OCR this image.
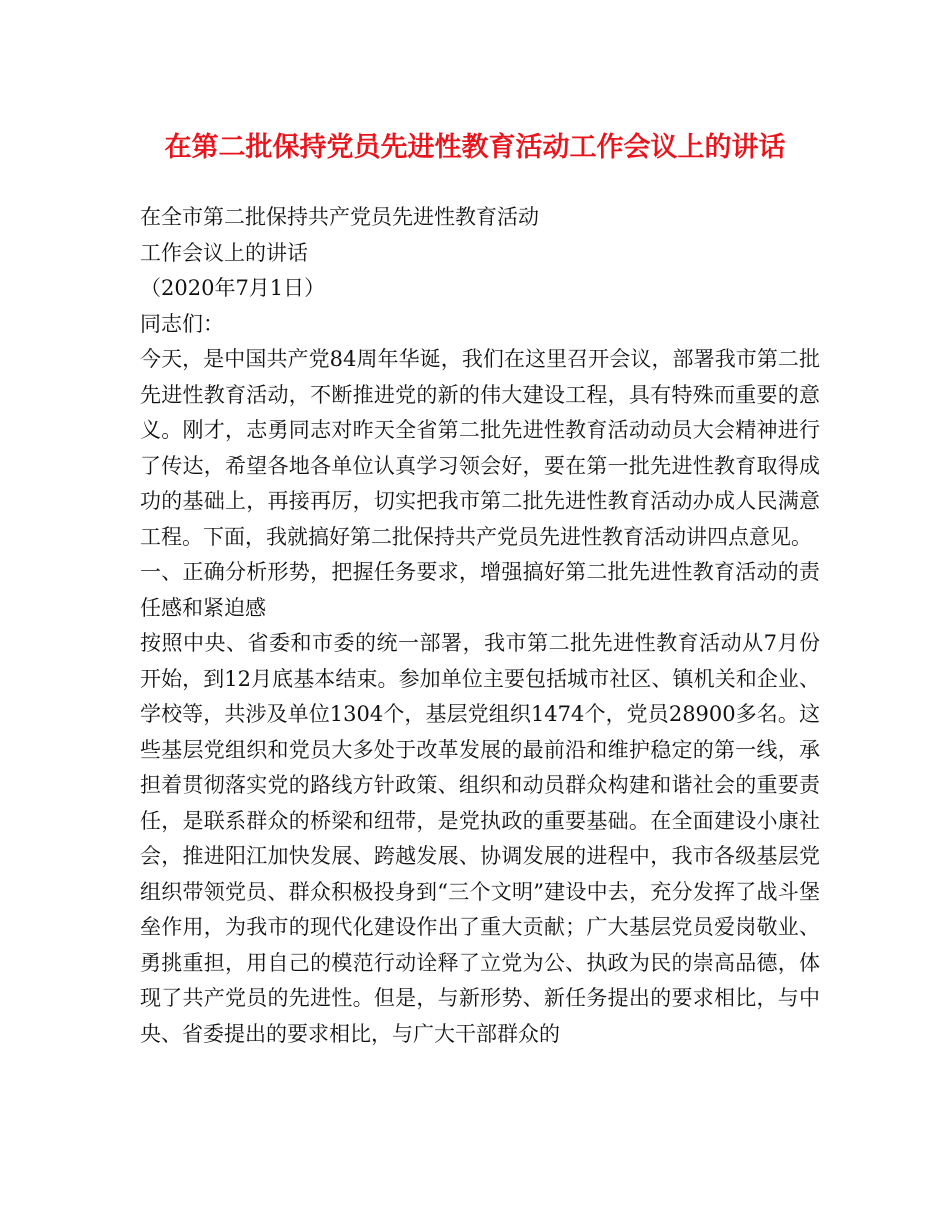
在第二批保持党员先进性教育活动工作会议上的讲话

在全市第二批保持共产党员先进性教育活动

工作会议上的讲话

（2020年7月1日）

同志们：

今天，是中国共产党84周年华诞，我们在这里召开会议，部署我市第二批先进性教育活动，不断推进党的新的伟大建设工程，具有特殊而重要的意义。刚才，志勇同志对昨天全省第二批先进性教育活动动员大会精神进行了传达，希望各地各单位认真学习领会好，要在第一批先进性教育取得成功的基础上，再接再厉，切实把我市第二批先进性教育活动办成人民满意工程。下面，我就搞好第二批保持共产党员先进性教育活动讲四点意见。

一、正确分析形势，把握任务要求，增强搞好第二批先进性教育活动的责任感和紧迫感

按照中央、省委和市委的统一部署，我市第二批先进性教育活动从7月份开始，到12月底基本结束。参加单位主要包括城市社区、镇机关和企业、学校等，共涉及单位1304个，基层党组织1474个，党员28900多名。这些基层党组织和党员大多处于改革发展的最前沿和维护稳定的第一线，承担着贯彻落实党的路线方针政策、组织和动员群众构建和谐社会的重要责任，是联系群众的桥梁和纽带，是党执政的重要基础。在全面建设小康社会，推进阳江加快发展、跨越发展、协调发展的进程中，我市各级基层党组织带领党员、群众积极投身到“三个文明”建设中去，充分发挥了战斗堡垒作用，为我市的现代化建设作出了重大贡献；广大基层党员爱岗敬业、勇挑重担，用自己的模范行动诠释了立党为公、执政为民的崇高品德，体现了共产党员的先进性。但是，与新形势、新任务提出的要求相比，与中央、省委提出的要求相比，与广大干部群众的
